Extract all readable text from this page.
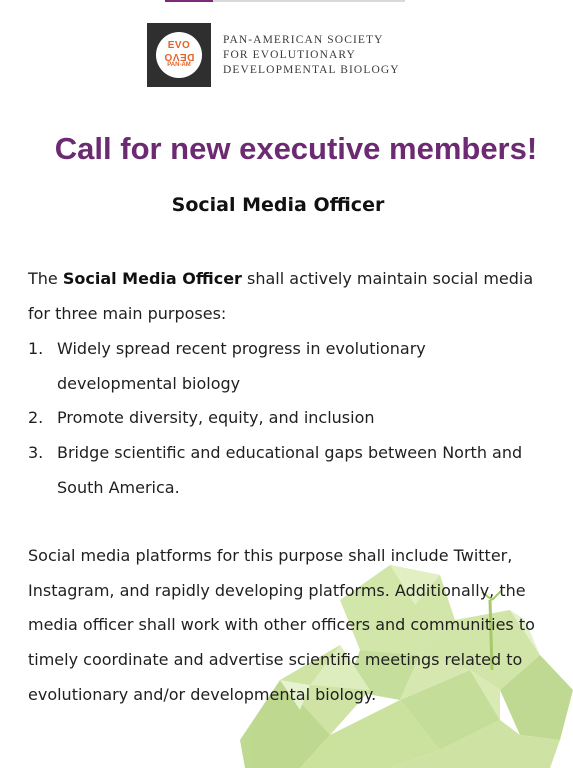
EVO
DEVO
PAN-AM
PAN-AMERICAN SOCIETY
FOR EVOLUTIONARY
DEVELOPMENTAL BIOLOGY
Call for new executive members!
Social Media Officer
The Social Media Officer shall actively maintain social media for three main purposes:
1. Widely spread recent progress in evolutionary developmental biology
2. Promote diversity, equity, and inclusion
3. Bridge scientific and educational gaps between North and South America.
Social media platforms for this purpose shall include Twitter, Instagram, and rapidly developing platforms. Additionally, the media officer shall work with other officers and communities to timely coordinate and advertise scientific meetings related to evolutionary and/or developmental biology.
